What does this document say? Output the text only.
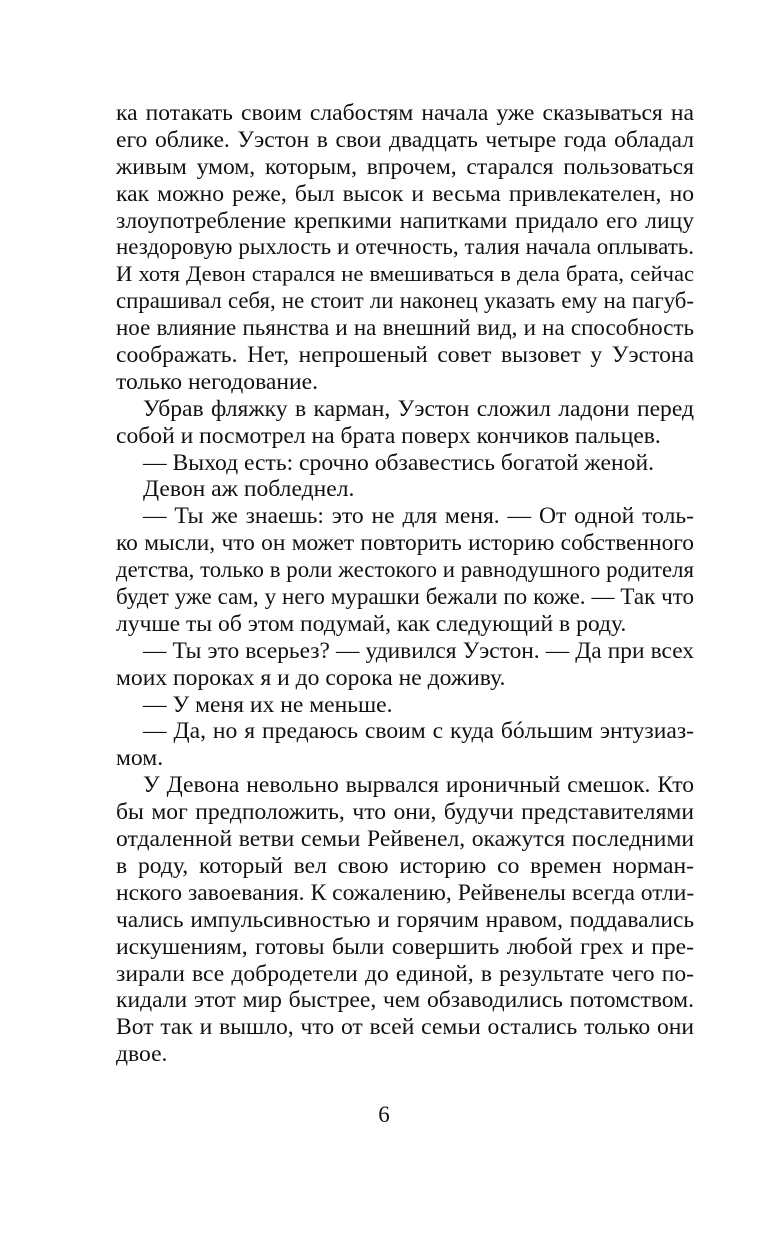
ка потакать своим слабостям начала уже сказываться на
его облике. Уэстон в свои двадцать четыре года обладал
живым умом, которым, впрочем, старался пользоваться
как можно реже, был высок и весьма привлекателен, но
злоупотребление крепкими напитками придало его лицу
нездоровую рыхлость и отечность, талия начала оплывать.
И хотя Девон старался не вмешиваться в дела брата, сейчас
спрашивал себя, не стоит ли наконец указать ему на пагуб-
ное влияние пьянства и на внешний вид, и на способность
соображать. Нет, непрошеный совет вызовет у Уэстона
только негодование.
Убрав фляжку в карман, Уэстон сложил ладони перед
собой и посмотрел на брата поверх кончиков пальцев.
— Выход есть: срочно обзавестись богатой женой.
Девон аж побледнел.
— Ты же знаешь: это не для меня. — От одной толь-
ко мысли, что он может повторить историю собственного
детства, только в роли жестокого и равнодушного родителя
будет уже сам, у него мурашки бежали по коже. — Так что
лучше ты об этом подумай, как следующий в роду.
— Ты это всерьез? — удивился Уэстон. — Да при всех
моих пороках я и до сорока не доживу.
— У меня их не меньше.
— Да, но я предаюсь своим с куда бóльшим энтузиаз-
мом.
У Девона невольно вырвался ироничный смешок. Кто
бы мог предположить, что они, будучи представителями
отдаленной ветви семьи Рейвенел, окажутся последними
в роду, который вел свою историю со времен норман-
нского завоевания. К сожалению, Рейвенелы всегда отли-
чались импульсивностью и горячим нравом, поддавались
искушениям, готовы были совершить любой грех и пре-
зирали все добродетели до единой, в результате чего по-
кидали этот мир быстрее, чем обзаводились потомством.
Вот так и вышло, что от всей семьи остались только они
двое.
6
